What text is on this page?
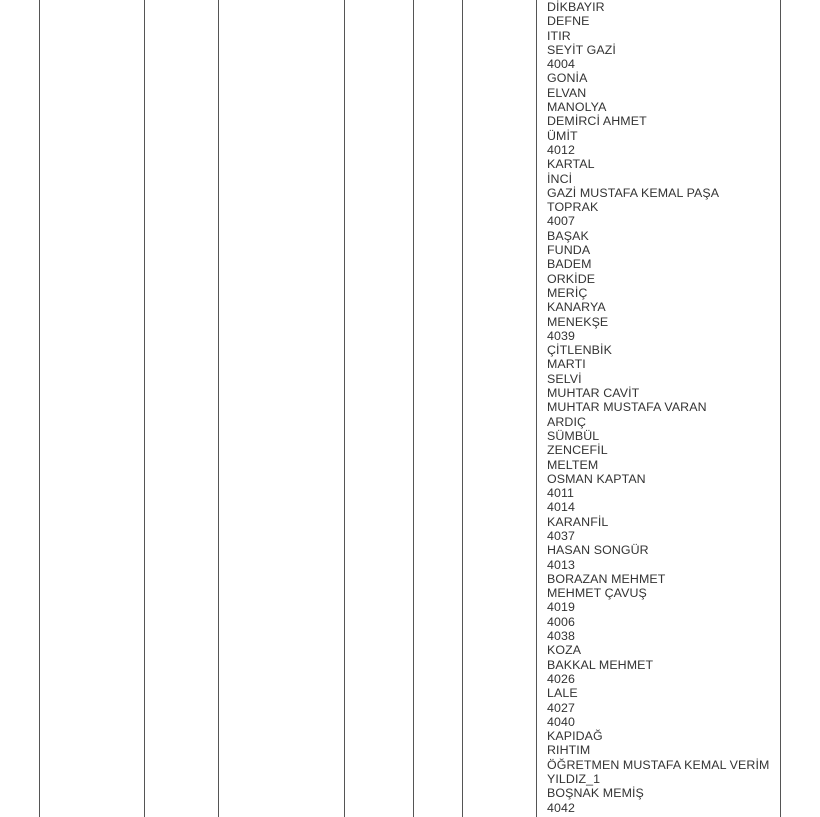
DİKBAYIR
DEFNE
ITIR
SEYİT GAZİ
4004
GONİA
ELVAN
MANOLYA
DEMİRCİ AHMET
ÜMİT
4012
KARTAL
İNCİ
GAZİ MUSTAFA KEMAL PAŞA
TOPRAK
4007
BAŞAK
FUNDA
BADEM
ORKİDE
MERİÇ
KANARYA
MENEKŞE
4039
ÇİTLENBİK
MARTI
SELVİ
MUHTAR CAVİT
MUHTAR MUSTAFA VARAN
ARDIÇ
SÜMBÜL
ZENCEFİL
MELTEM
OSMAN KAPTAN
4011
4014
KARANFİL
4037
HASAN SONGÜR
4013
BORAZAN MEHMET
MEHMET ÇAVUŞ
4019
4006
4038
KOZA
BAKKAL MEHMET
4026
LALE
4027
4040
KAPIDAĞ
RIHTIM
ÖĞRETMEN MUSTAFA KEMAL VERİM
YILDIZ_1
BOŞNAK MEMİŞ
4042
